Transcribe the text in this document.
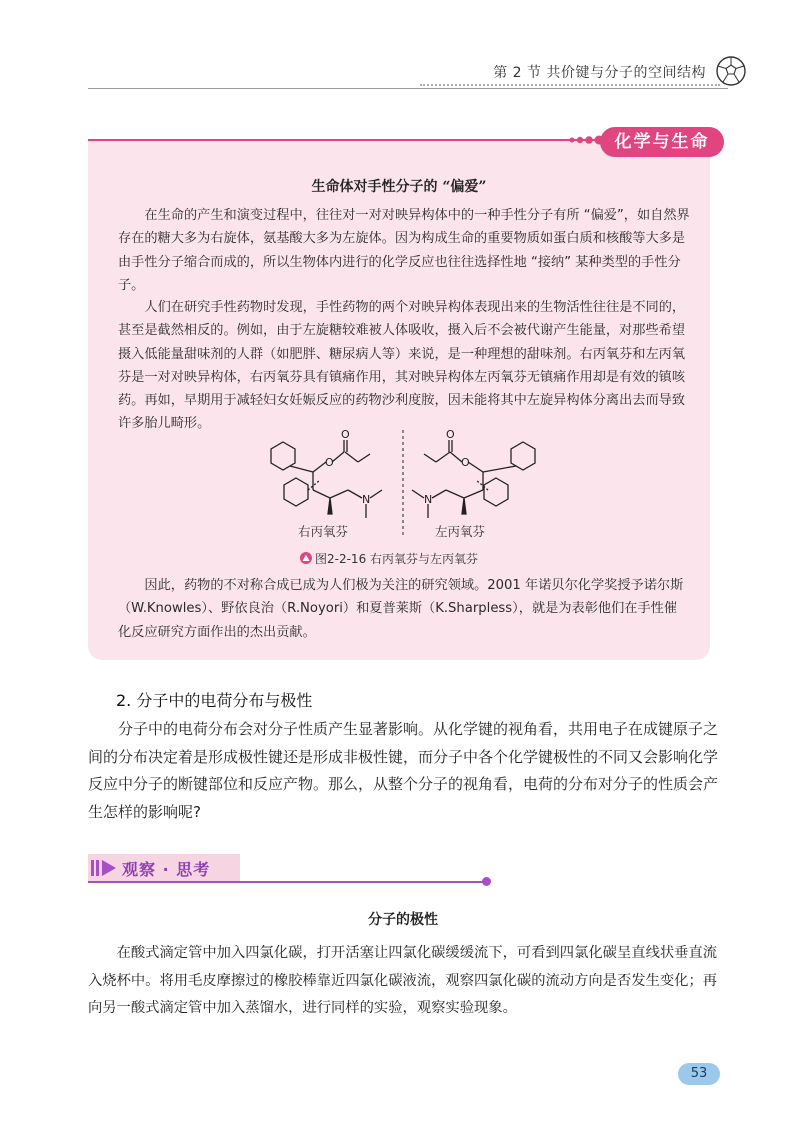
第 2 节 共价键与分子的空间结构
化学与生命
生命体对手性分子的 “偏爱”

在生命的产生和演变过程中，往往对一对对映异构体中的一种手性分子有所 “偏爱”，如自然界存在的糖大多为右旋体，氨基酸大多为左旋体。因为构成生命的重要物质如蛋白质和核酸等大多是由手性分子缩合而成的，所以生物体内进行的化学反应也往往选择性地 “接纳” 某种类型的手性分子。

人们在研究手性药物时发现，手性药物的两个对映异构体表现出来的生物活性往往是不同的，甚至是截然相反的。例如，由于左旋糖较难被人体吸收，摄入后不会被代谢产生能量，对那些希望摄入低能量甜味剂的人群（如肥胖、糖尿病人等）来说，是一种理想的甜味剂。右丙氧芬和左丙氧芬是一对对映异构体，右丙氧芬具有镇痛作用，其对映异构体左丙氧芬无镇痛作用却是有效的镇咳药。再如，早期用于减轻妇女妊娠反应的药物沙利度胺，因未能将其中左旋异构体分离出去而导致许多胎儿畸形。

O
O
N
O
O
N
右丙氧芬	左丙氧芬
图2-2-16 右丙氧芬与左丙氧芬

因此，药物的不对称合成已成为人们极为关注的研究领域。2001 年诺贝尔化学奖授予诺尔斯（W.Knowles）、野依良治（R.Noyori）和夏普莱斯（K.Sharpless），就是为表彰他们在手性催化反应研究方面作出的杰出贡献。

2. 分子中的电荷分布与极性

分子中的电荷分布会对分子性质产生显著影响。从化学键的视角看，共用电子在成键原子之间的分布决定着是形成极性键还是形成非极性键，而分子中各个化学键极性的不同又会影响化学反应中分子的断键部位和反应产物。那么，从整个分子的视角看，电荷的分布对分子的性质会产生怎样的影响呢?

观察 · 思考
分子的极性

在酸式滴定管中加入四氯化碳，打开活塞让四氯化碳缓缓流下，可看到四氯化碳呈直线状垂直流入烧杯中。将用毛皮摩擦过的橡胶棒靠近四氯化碳液流，观察四氯化碳的流动方向是否发生变化；再向另一酸式滴定管中加入蒸馏水，进行同样的实验，观察实验现象。

53
